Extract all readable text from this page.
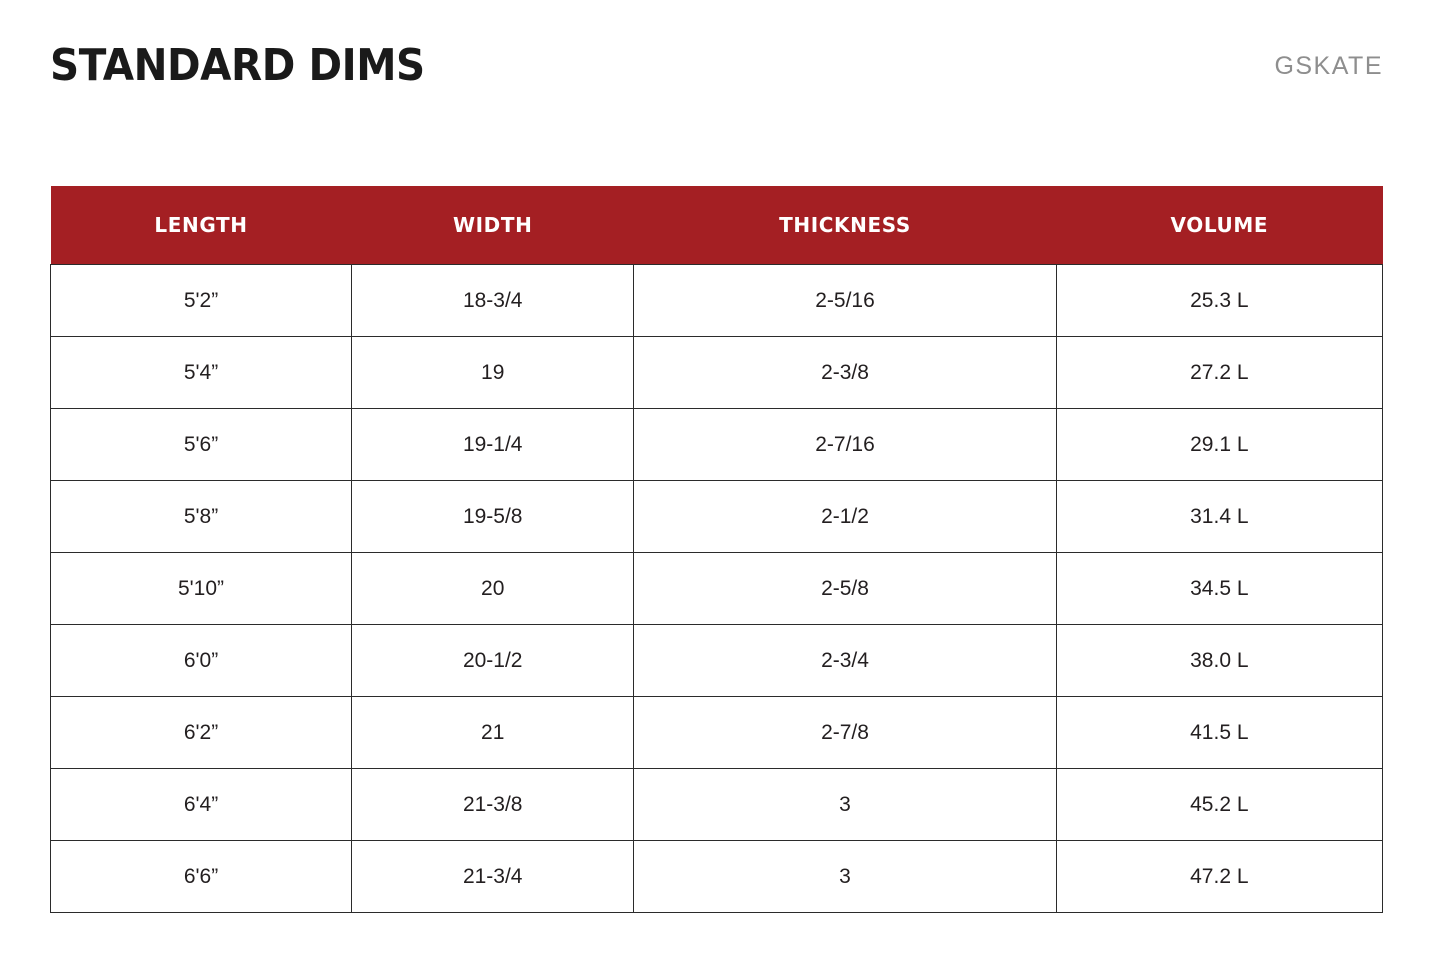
STANDARD DIMS	GSKATE
LENGTH	WIDTH	THICKNESS	VOLUME
5'2”	18-3/4	2-5/16	25.3 L
5'4”	19	2-3/8	27.2 L
5'6”	19-1/4	2-7/16	29.1 L
5'8”	19-5/8	2-1/2	31.4 L
5'10”	20	2-5/8	34.5 L
6'0”	20-1/2	2-3/4	38.0 L
6'2”	21	2-7/8	41.5 L
6'4”	21-3/8	3	45.2 L
6'6”	21-3/4	3	47.2 L
